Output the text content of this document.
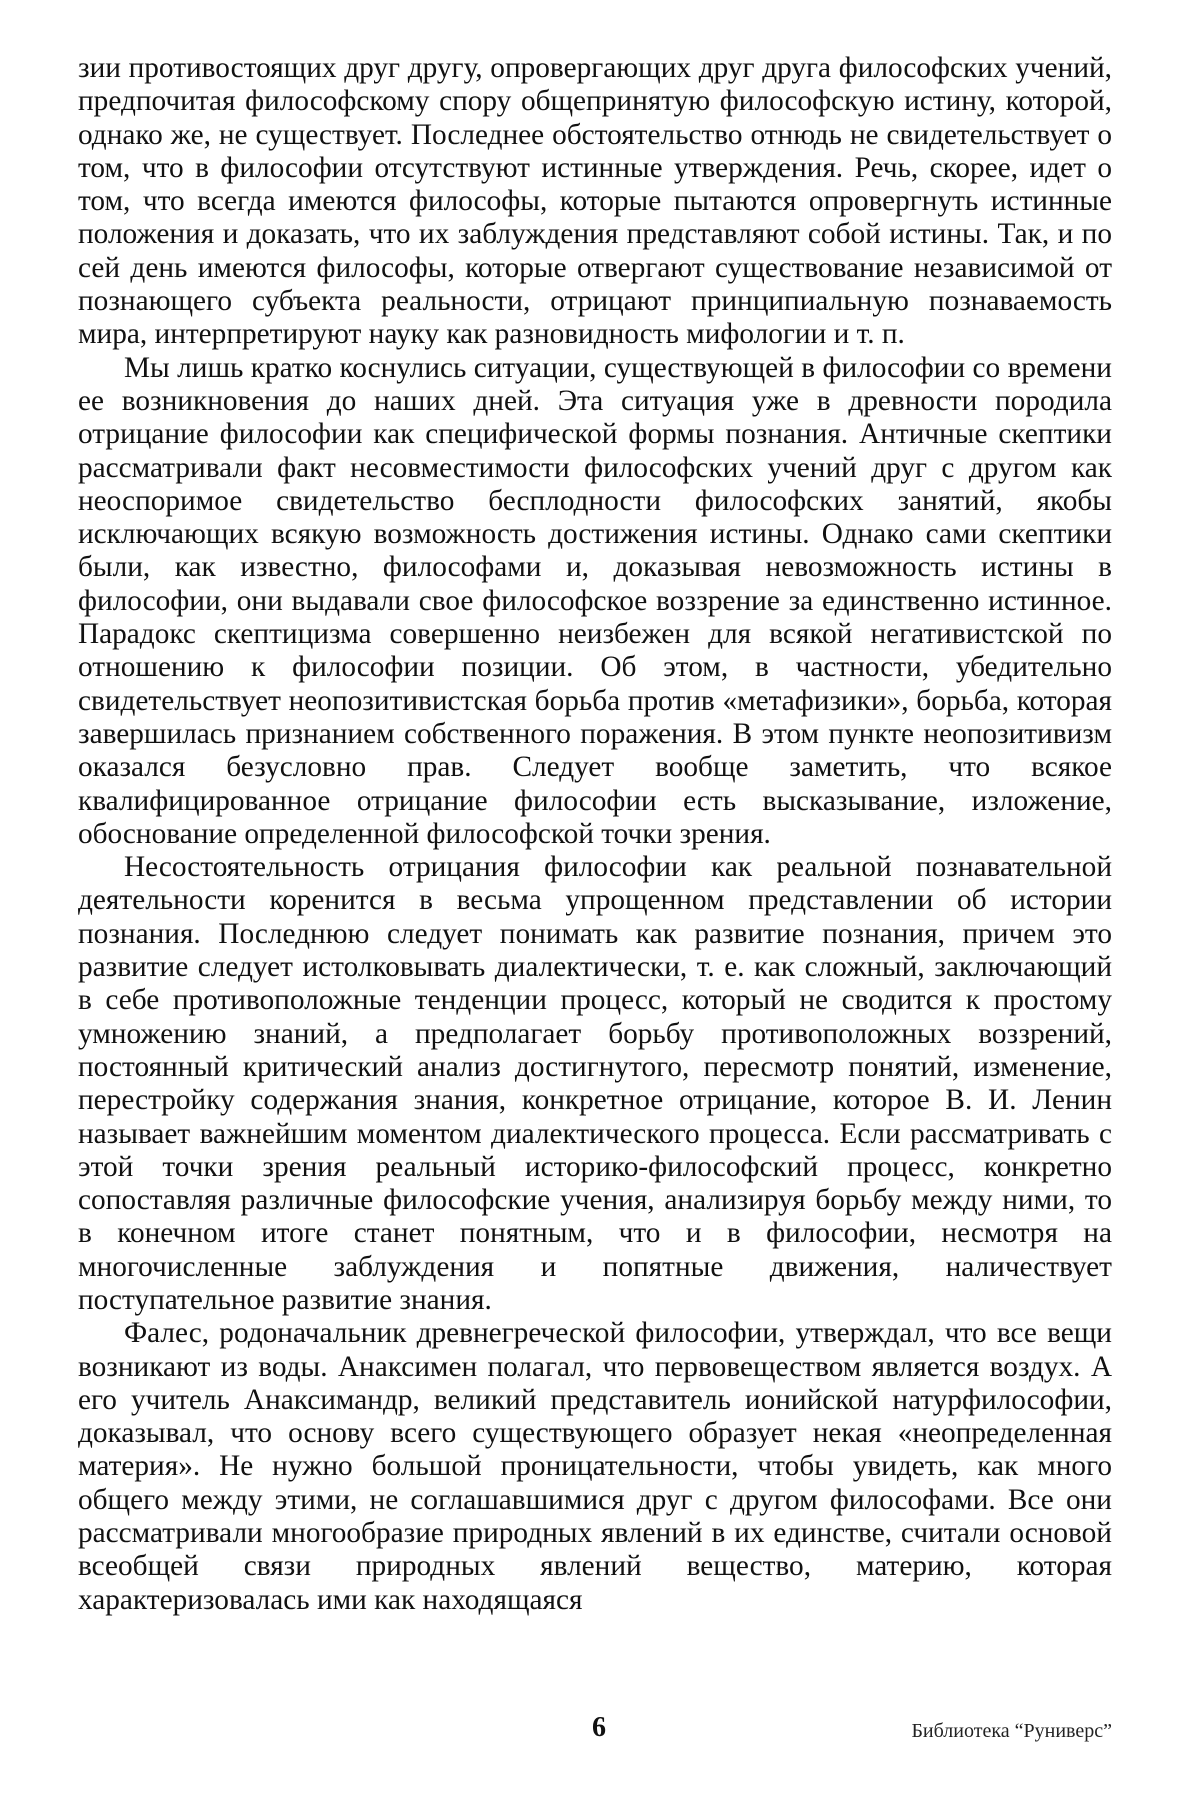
зии противостоящих друг другу, опровергающих друг друга философских учений, предпочитая философскому спору общепринятую философскую истину, которой, однако же, не существует. Последнее обстоятельство отнюдь не свидетельствует о том, что в философии отсутствуют истинные утверждения. Речь, скорее, идет о том, что всегда имеются философы, которые пытаются опровергнуть истинные положения и доказать, что их заблуждения представляют собой истины. Так, и по сей день имеются философы, которые отвергают существование независимой от познающего субъекта реальности, отрицают принципиальную познаваемость мира, интерпретируют науку как разновидность мифологии и т. п.

Мы лишь кратко коснулись ситуации, существующей в философии со времени ее возникновения до наших дней. Эта ситуация уже в древности породила отрицание философии как специфической формы познания. Античные скептики рассматривали факт несовместимости философских учений друг с другом как неоспоримое свидетельство бесплодности философских занятий, якобы исключающих всякую возможность достижения истины. Однако сами скептики были, как известно, философами и, доказывая невозможность истины в философии, они выдавали свое философское воззрение за единственно истинное. Парадокс скептицизма совершенно неизбежен для всякой негативистской по отношению к философии позиции. Об этом, в частности, убедительно свидетельствует неопозитивистская борьба против «метафизики», борьба, которая завершилась признанием собственного поражения. В этом пункте неопозитивизм оказался безусловно прав. Следует вообще заметить, что всякое квалифицированное отрицание философии есть высказывание, изложение, обоснование определенной философской точки зрения.

Несостоятельность отрицания философии как реальной познавательной деятельности коренится в весьма упрощенном представлении об истории познания. Последнюю следует понимать как развитие познания, причем это развитие следует истолковывать диалектически, т. е. как сложный, заключающий в себе противоположные тенденции процесс, который не сводится к простому умножению знаний, а предполагает борьбу противоположных воззрений, постоянный критический анализ достигнутого, пересмотр понятий, изменение, перестройку содержания знания, конкретное отрицание, которое В. И. Ленин называет важнейшим моментом диалектического процесса. Если рассматривать с этой точки зрения реальный историко-философский процесс, конкретно сопоставляя различные философские учения, анализируя борьбу между ними, то в конечном итоге станет понятным, что и в философии, несмотря на многочисленные заблуждения и попятные движения, наличествует поступательное развитие знания.

Фалес, родоначальник древнегреческой философии, утверждал, что все вещи возникают из воды. Анаксимен полагал, что первовеществом является воздух. А его учитель Анаксимандр, великий представитель ионийской натурфилософии, доказывал, что основу всего существующего образует некая «неопределенная материя». Не нужно большой проницательности, чтобы увидеть, как много общего между этими, не соглашавшимися друг с другом философами. Все они рассматривали многообразие природных явлений в их единстве, считали основой всеобщей связи природных явлений вещество, материю, которая характеризовалась ими как находящаяся

6	Библиотека “Руниверс”
